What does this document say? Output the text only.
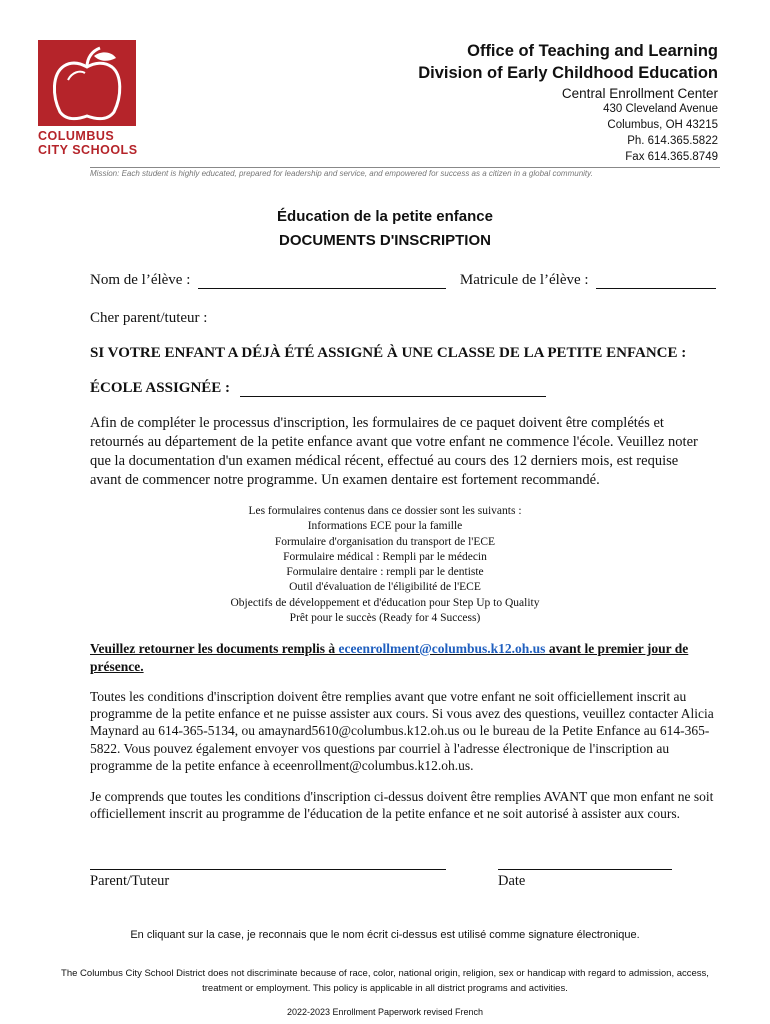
COLUMBUS
CITY SCHOOLS
Office of Teaching and Learning
Division of Early Childhood Education
Central Enrollment Center
430 Cleveland Avenue
Columbus, OH 43215
Ph. 614.365.5822
Fax 614.365.8749
Mission: Each student is highly educated, prepared for leadership and service, and empowered for success as a citizen in a global community.
Éducation de la petite enfance
DOCUMENTS D'INSCRIPTION
Nom de l’élève :	Matricule de l’élève :
Cher parent/tuteur :
SI VOTRE ENFANT A DÉJÀ ÉTÉ ASSIGNÉ À UNE CLASSE DE LA PETITE ENFANCE :
ÉCOLE ASSIGNÉE :
Afin de compléter le processus d'inscription, les formulaires de ce paquet doivent être complétés et retournés au département de la petite enfance avant que votre enfant ne commence l'école. Veuillez noter que la documentation d'un examen médical récent, effectué au cours des 12 derniers mois, est requise avant de commencer notre programme. Un examen dentaire est fortement recommandé.
Les formulaires contenus dans ce dossier sont les suivants :
Informations ECE pour la famille
Formulaire d'organisation du transport de l'ECE
Formulaire médical : Rempli par le médecin
Formulaire dentaire : rempli par le dentiste
Outil d'évaluation de l'éligibilité de l'ECE
Objectifs de développement et d'éducation pour Step Up to Quality
Prêt pour le succès (Ready for 4 Success)
Veuillez retourner les documents remplis à eceenrollment@columbus.k12.oh.us avant le premier jour de présence.
Toutes les conditions d'inscription doivent être remplies avant que votre enfant ne soit officiellement inscrit au programme de la petite enfance et ne puisse assister aux cours. Si vous avez des questions, veuillez contacter Alicia Maynard au 614-365-5134, ou amaynard5610@columbus.k12.oh.us ou le bureau de la Petite Enfance au 614-365-5822. Vous pouvez également envoyer vos questions par courriel à l'adresse électronique de l'inscription au programme de la petite enfance à eceenrollment@columbus.k12.oh.us.
Je comprends que toutes les conditions d'inscription ci-dessus doivent être remplies AVANT que mon enfant ne soit officiellement inscrit au programme de l'éducation de la petite enfance et ne soit autorisé à assister aux cours.
Parent/Tuteur	Date
En cliquant sur la case, je reconnais que le nom écrit ci-dessus est utilisé comme signature électronique.
The Columbus City School District does not discriminate because of race, color, national origin, religion, sex or handicap with regard to admission, access, treatment or employment. This policy is applicable in all district programs and activities.
2022-2023 Enrollment Paperwork revised French
